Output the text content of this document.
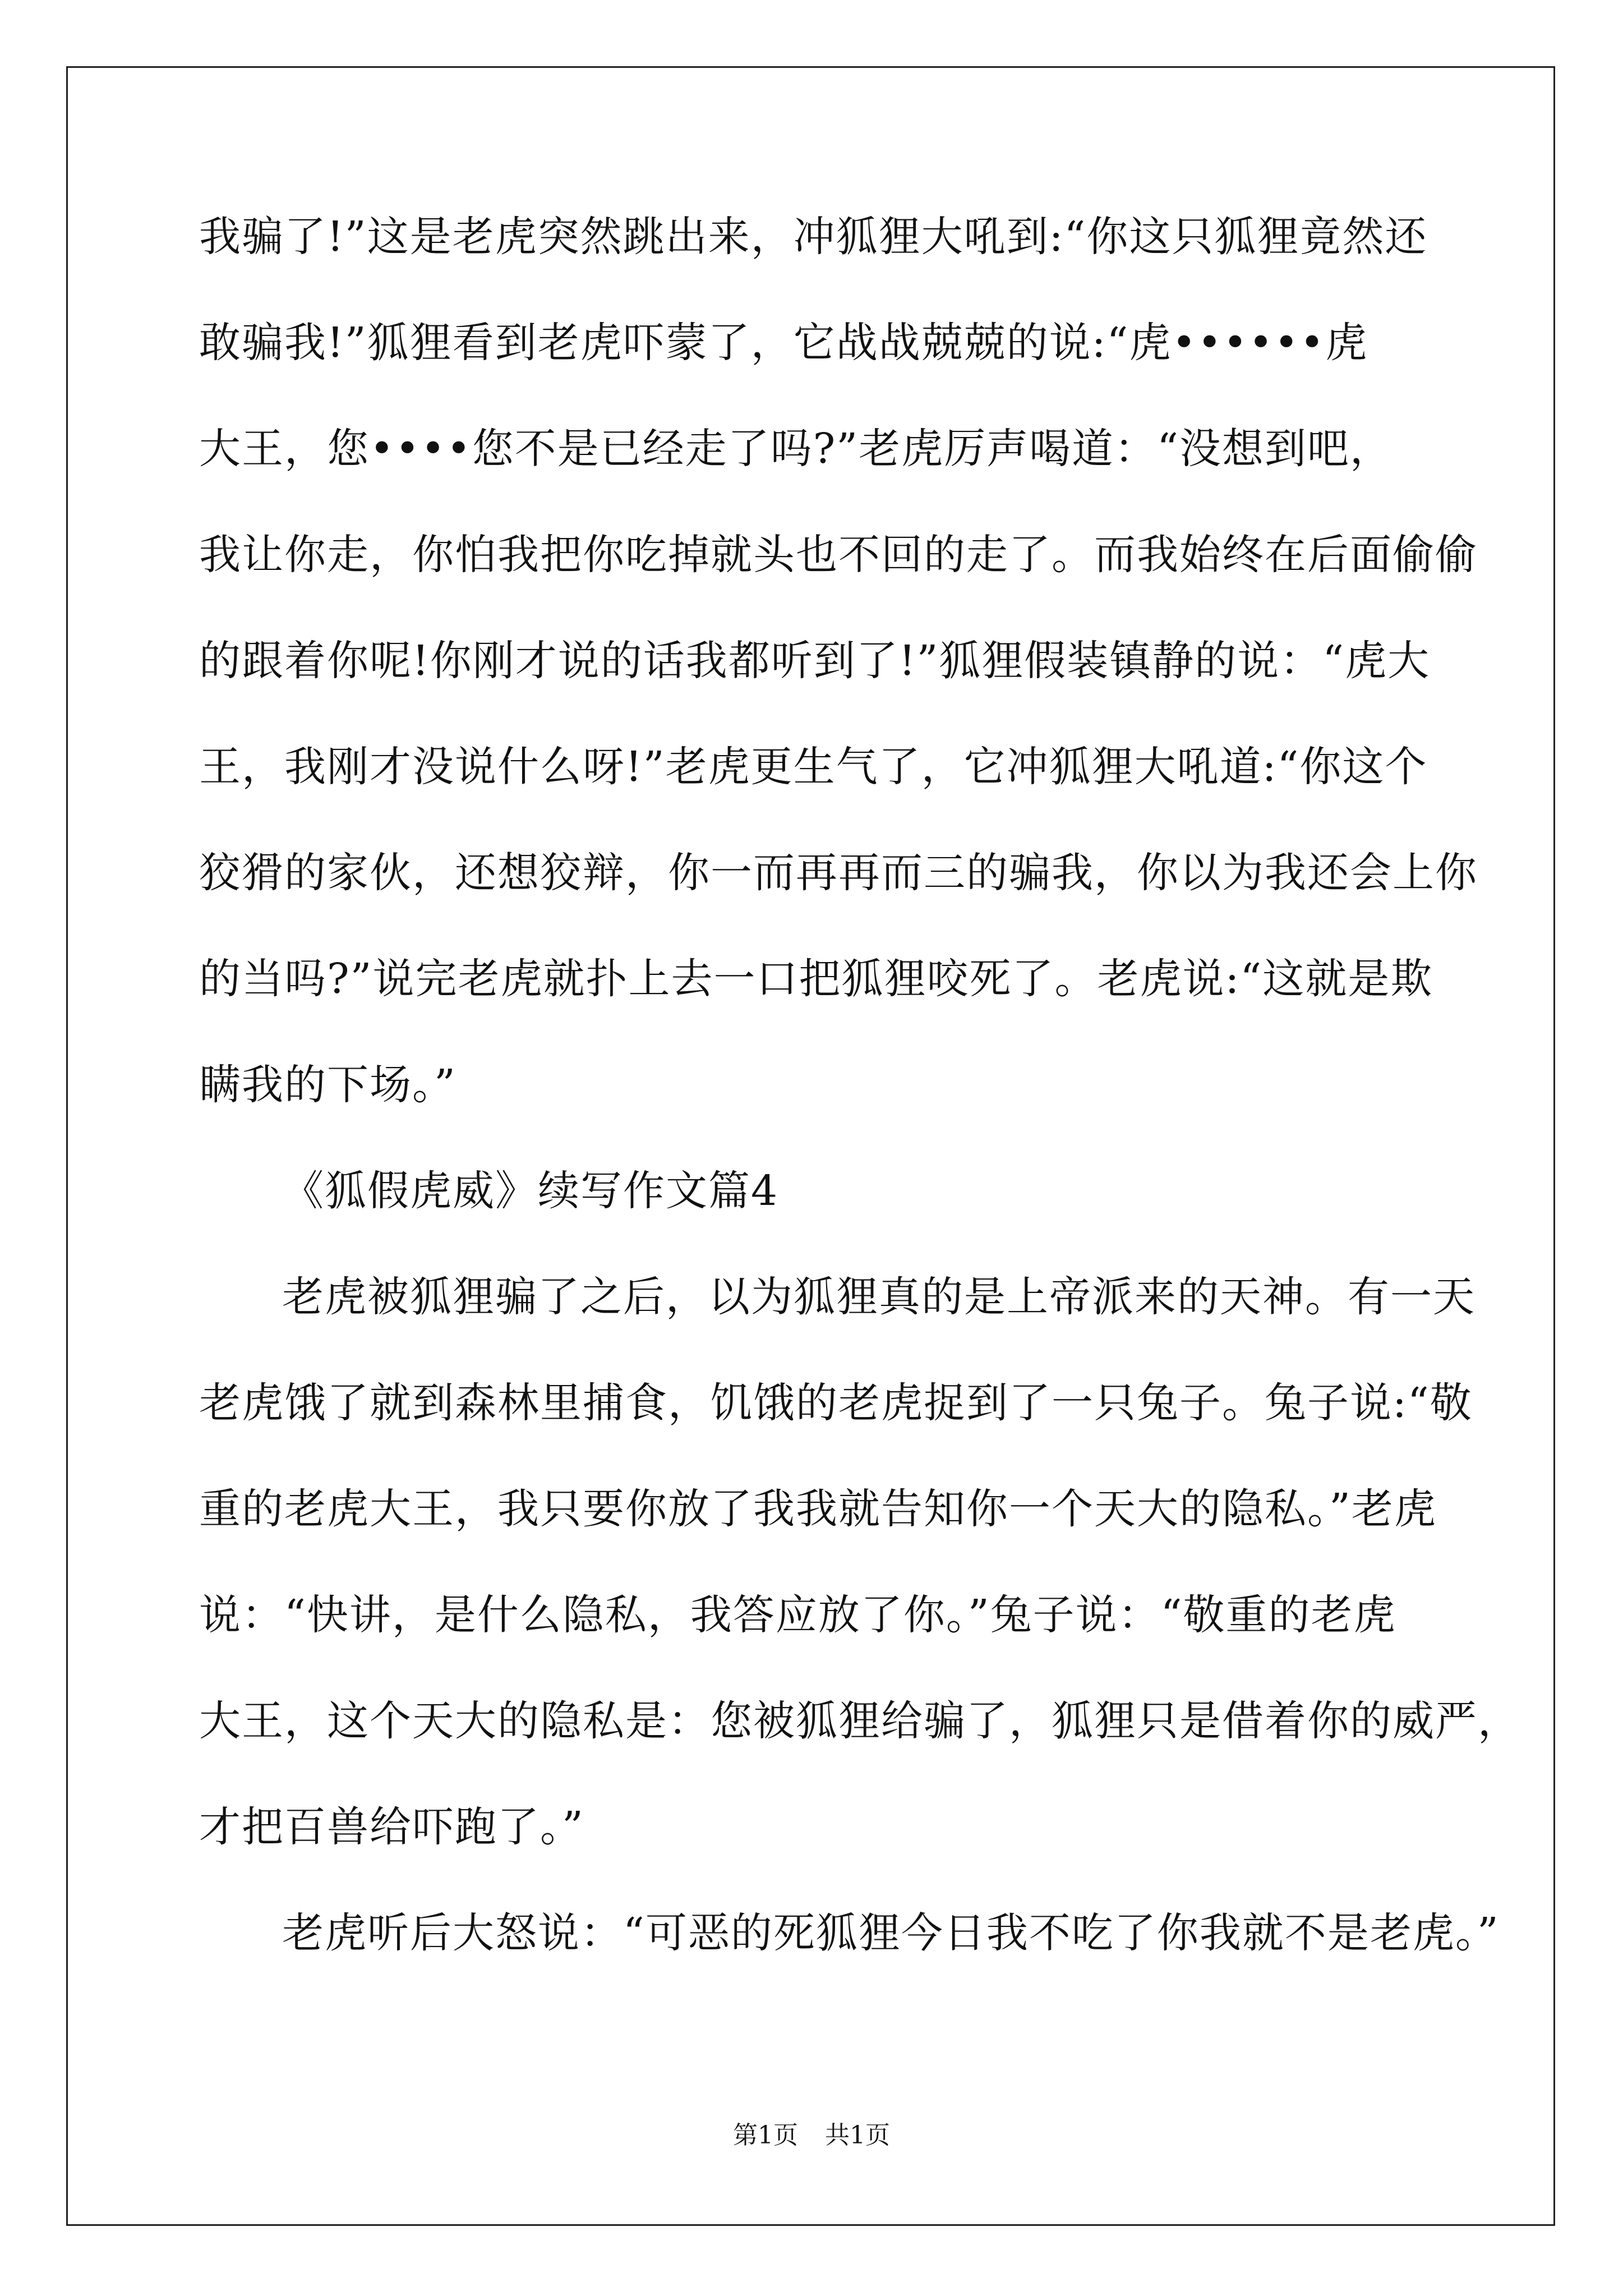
我骗了!”这是老虎突然跳出来，冲狐狸大吼到:“你这只狐狸竟然还
敢骗我!”狐狸看到老虎吓蒙了，它战战兢兢的说:“虎••••••虎
大王，您••••您不是已经走了吗?”老虎厉声喝道：“没想到吧，
我让你走，你怕我把你吃掉就头也不回的走了。而我始终在后面偷偷
的跟着你呢!你刚才说的话我都听到了!”狐狸假装镇静的说：“虎大
王，我刚才没说什么呀!”老虎更生气了，它冲狐狸大吼道:“你这个
狡猾的家伙，还想狡辩，你一而再再而三的骗我，你以为我还会上你
的当吗?”说完老虎就扑上去一口把狐狸咬死了。老虎说:“这就是欺
瞒我的下场。”
《狐假虎威》续写作文篇4
老虎被狐狸骗了之后，以为狐狸真的是上帝派来的天神。有一天
老虎饿了就到森林里捕食，饥饿的老虎捉到了一只兔子。兔子说:“敬
重的老虎大王，我只要你放了我我就告知你一个天大的隐私。”老虎
说：“快讲，是什么隐私，我答应放了你。”兔子说：“敬重的老虎
大王，这个天大的隐私是：您被狐狸给骗了，狐狸只是借着你的威严，
才把百兽给吓跑了。”
老虎听后大怒说：“可恶的死狐狸今日我不吃了你我就不是老虎。”
第1页 共1页
